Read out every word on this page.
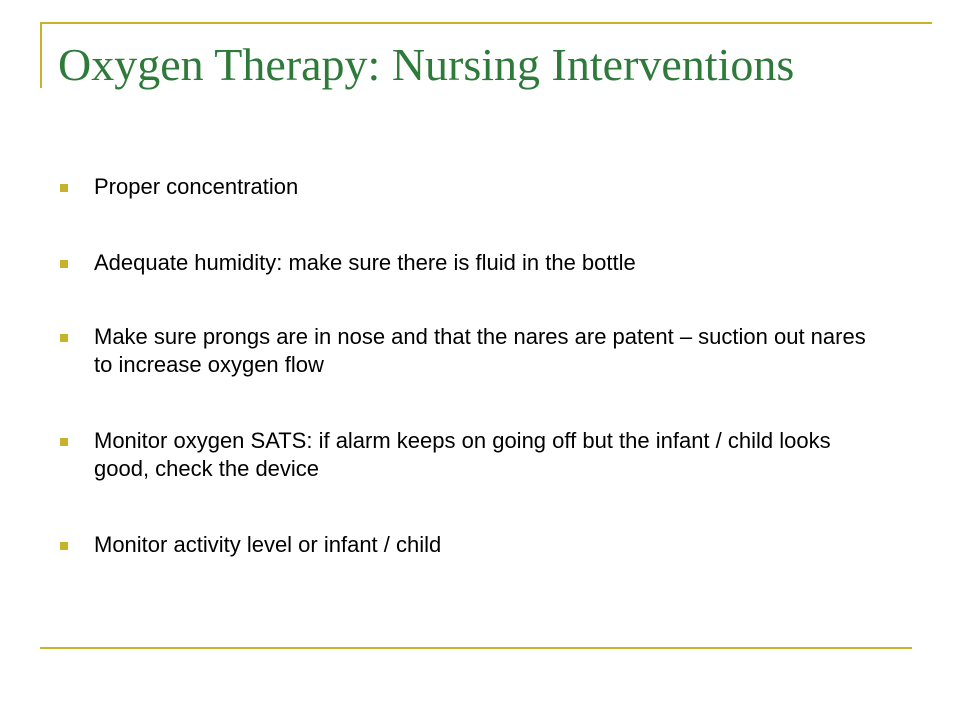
Oxygen Therapy: Nursing Interventions
Proper concentration
Adequate humidity: make sure there is fluid in the bottle
Make sure prongs are in nose and that the nares are patent – suction out nares to increase oxygen flow
Monitor oxygen SATS: if alarm keeps on going off but the infant / child looks good, check the device
Monitor activity level or infant / child
